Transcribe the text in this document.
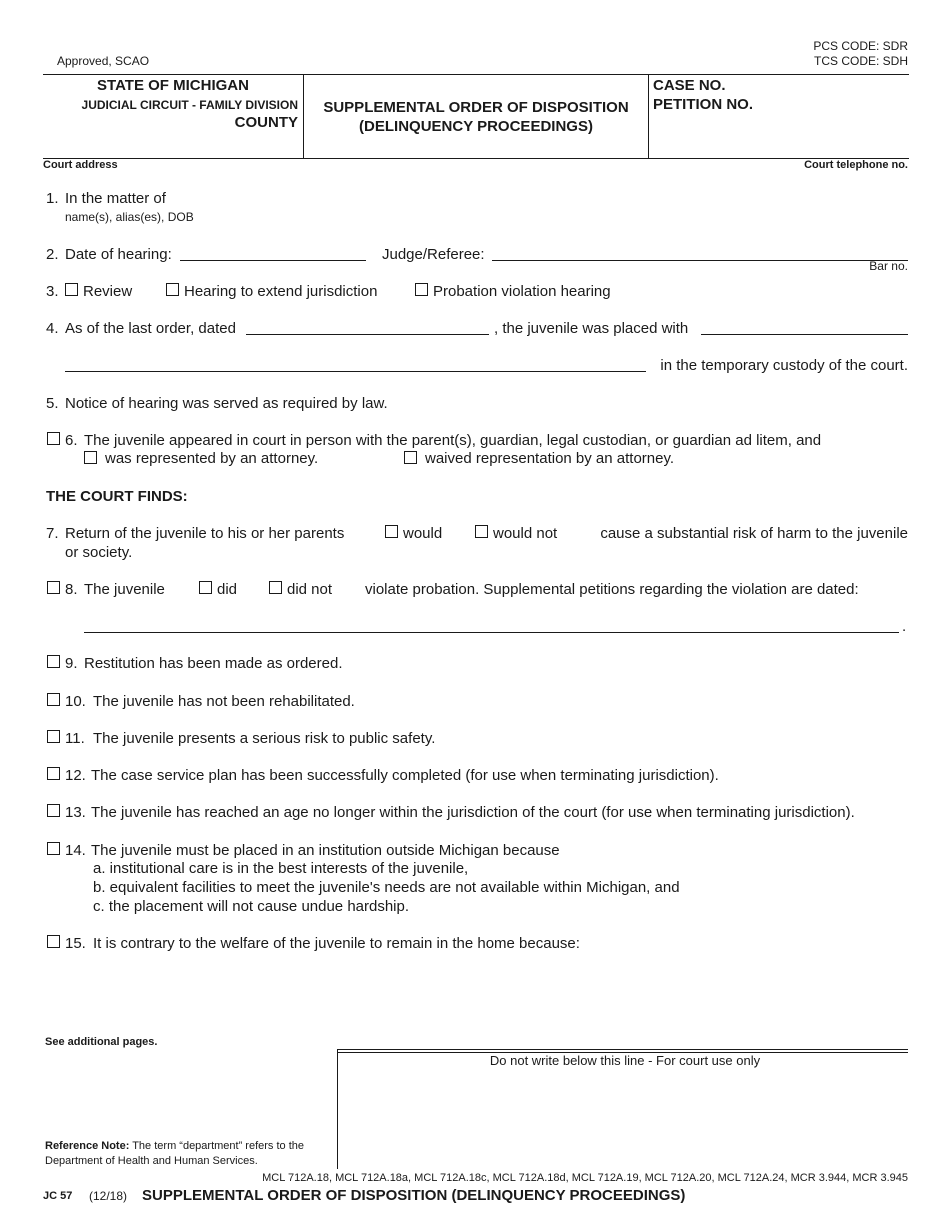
Approved, SCAO
PCS CODE: SDR
TCS CODE: SDH
STATE OF MICHIGAN
JUDICIAL CIRCUIT - FAMILY DIVISION
COUNTY
SUPPLEMENTAL ORDER OF DISPOSITION
(DELINQUENCY PROCEEDINGS)
CASE NO.
PETITION NO.
Court address	Court telephone no.
1. In the matter of
name(s), alias(es), DOB
2. Date of hearing:	Judge/Referee:
Bar no.
3. Review	Hearing to extend jurisdiction	Probation violation hearing
4. As of the last order, dated	, the juvenile was placed with
in the temporary custody of the court.
5. Notice of hearing was served as required by law.
6. The juvenile appeared in court in person with the parent(s), guardian, legal custodian, or guardian ad litem, and
was represented by an attorney.	waived representation by an attorney.
THE COURT FINDS:
7. Return of the juvenile to his or her parents	would	would not	cause a substantial risk of harm to the juvenile
or society.
8. The juvenile	did	did not violate probation. Supplemental petitions regarding the violation are dated:
.
9. Restitution has been made as ordered.
10. The juvenile has not been rehabilitated.
11. The juvenile presents a serious risk to public safety.
12. The case service plan has been successfully completed (for use when terminating jurisdiction).
13. The juvenile has reached an age no longer within the jurisdiction of the court (for use when terminating jurisdiction).
14. The juvenile must be placed in an institution outside Michigan because
a. institutional care is in the best interests of the juvenile,
b. equivalent facilities to meet the juvenile's needs are not available within Michigan, and
c. the placement will not cause undue hardship.
15. It is contrary to the welfare of the juvenile to remain in the home because:
See additional pages.
Do not write below this line - For court use only
Reference Note: The term “department” refers to the
Department of Health and Human Services.
MCL 712A.18, MCL 712A.18a, MCL 712A.18c, MCL 712A.18d, MCL 712A.19, MCL 712A.20, MCL 712A.24, MCR 3.944, MCR 3.945
JC 57 (12/18) SUPPLEMENTAL ORDER OF DISPOSITION (DELINQUENCY PROCEEDINGS)
